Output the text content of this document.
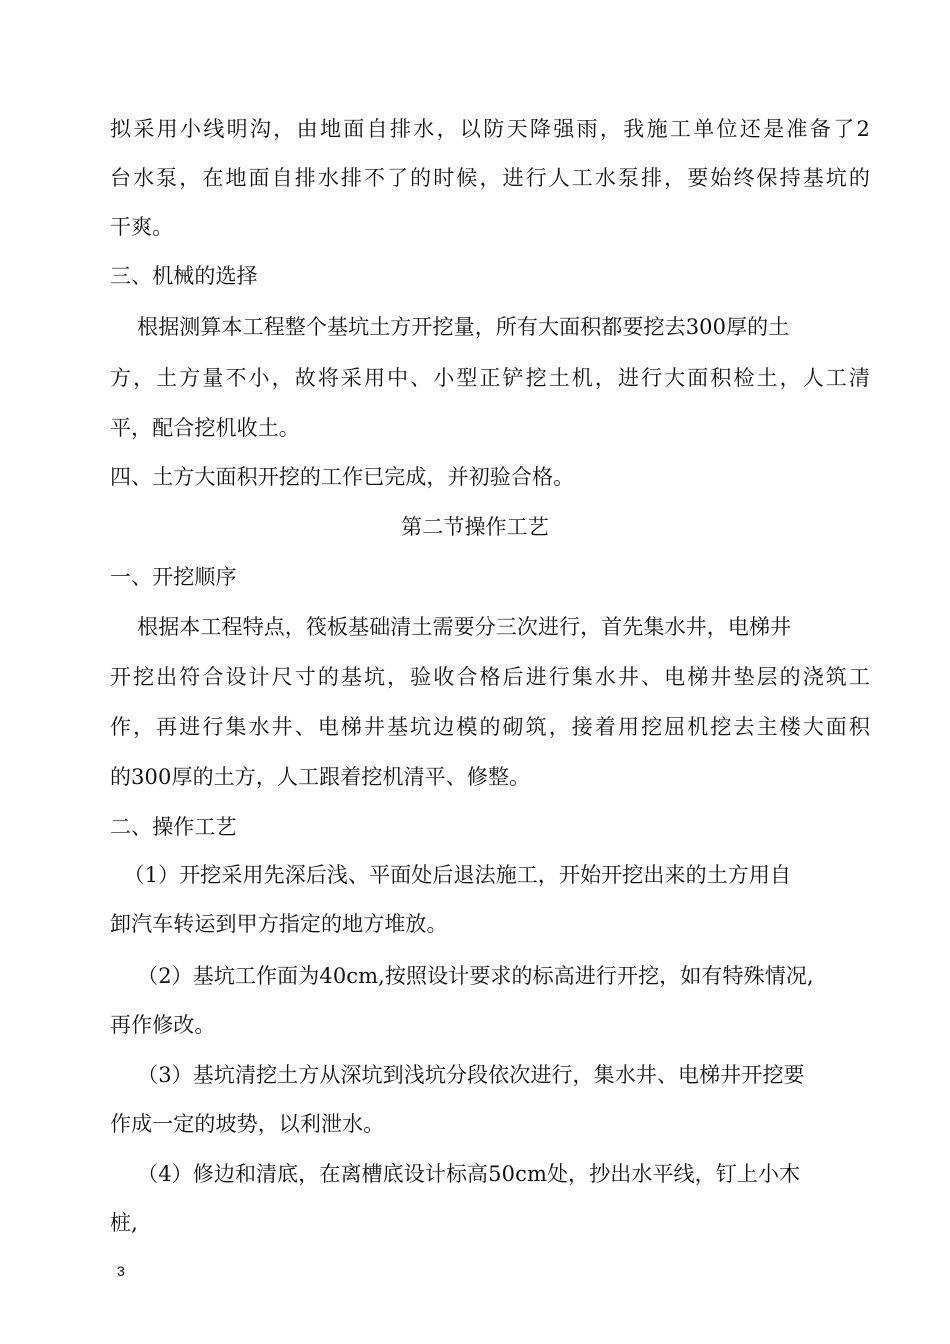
拟采用小线明沟，由地面自排水，以防天降强雨，我施工单位还是准备了2
台水泵，在地面自排水排不了的时候，进行人工水泵排，要始终保持基坑的
干爽。
三、机械的选择
根据测算本工程整个基坑土方开挖量，所有大面积都要挖去300厚的土
方，土方量不小，故将采用中、小型正铲挖土机，进行大面积检土，人工清
平，配合挖机收土。
四、土方大面积开挖的工作已完成，并初验合格。
第二节操作工艺
一、开挖顺序
根据本工程特点，筏板基础清土需要分三次进行，首先集水井，电梯井
开挖出符合设计尺寸的基坑，验收合格后进行集水井、电梯井垫层的浇筑工
作，再进行集水井、电梯井基坑边模的砌筑，接着用挖屈机挖去主楼大面积
的300厚的土方，人工跟着挖机清平、修整。
二、操作工艺
（1）开挖采用先深后浅、平面处后退法施工，开始开挖出来的土方用自
卸汽车转运到甲方指定的地方堆放。
（2）基坑工作面为40cm,按照设计要求的标高进行开挖，如有特殊情况,
再作修改。
（3）基坑清挖土方从深坑到浅坑分段依次进行，集水井、电梯井开挖要
作成一定的坡势，以利泄水。
（4）修边和清底，在离槽底设计标高50cm处，抄出水平线，钉上小木
桩,
3
